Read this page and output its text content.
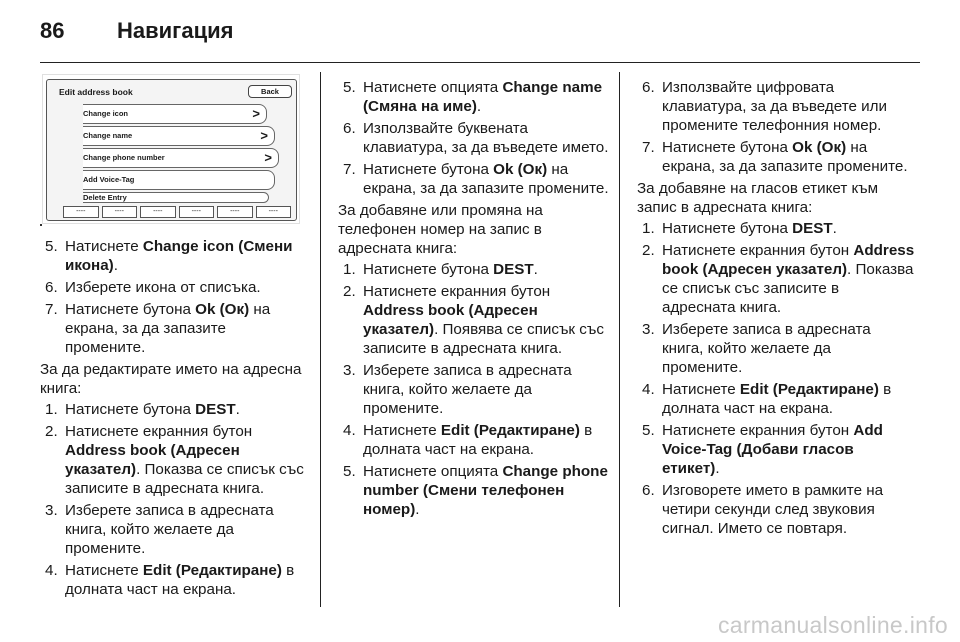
86 Навигация
Edit address book	Back
Change icon	>
Change name	>
Change phone number	>
Add Voice-Tag
Delete Entry
----	----	----	----	----	----
5. Натиснете Change icon (Смени икона).
6. Изберете икона от списъка.
7. Натиснете бутона Ok (Ок) на екрана, за да запазите промените.

За да редактирате името на адресна книга:

1. Натиснете бутона DEST.
2. Натиснете екранния бутон Address book (Адресен указател). Показва се списък със записите в адресната книга.
3. Изберете записа в адресната книга, който желаете да промените.
4. Натиснете Edit (Редактиране) в долната част на екрана.
5. Натиснете опцията Change name (Смяна на име).
6. Използвайте буквената клавиатура, за да въведете името.
7. Натиснете бутона Ok (Ок) на екрана, за да запазите промените.

За добавяне или промяна на телефонен номер на запис в адресната книга:

1. Натиснете бутона DEST.
2. Натиснете екранния бутон Address book (Адресен указател). Появява се списък със записите в адресната книга.
3. Изберете записа в адресната книга, който желаете да промените.
4. Натиснете Edit (Редактиране) в долната част на екрана.
5. Натиснете опцията Change phone number (Смени телефонен номер).
6. Използвайте цифровата клавиатура, за да въведете или промените телефонния номер.
7. Натиснете бутона Ok (Ок) на екрана, за да запазите промените.

За добавяне на гласов етикет към запис в адресната книга:

1. Натиснете бутона DEST.
2. Натиснете екранния бутон Address book (Адресен указател). Показва се списък със записите в адресната книга.
3. Изберете записа в адресната книга, който желаете да промените.
4. Натиснете Edit (Редактиране) в долната част на екрана.
5. Натиснете екранния бутон Add Voice-Tag (Добави гласов етикет).
6. Изговорете името в рамките на четири секунди след звуковия сигнал. Името се повтаря.
carmanualsonline.info
